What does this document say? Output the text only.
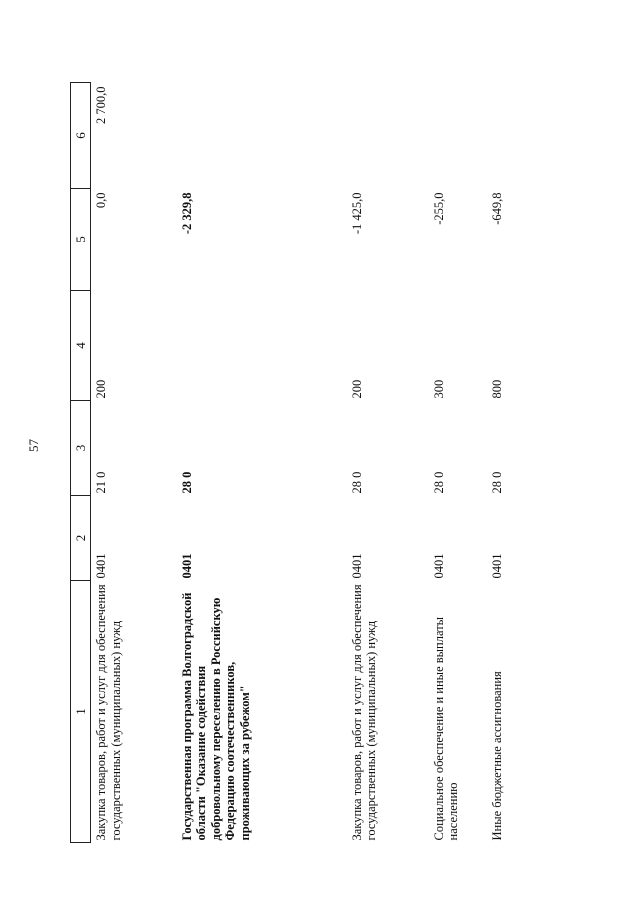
57
1	2	3	4	5	6
Закупка товаров, работ и услуг для обеспечения государственных (муниципальных) нужд	0401	21 0	200	0,0	2 700,0
Государственная программа Волгоградской области "Оказание содействия добровольному переселению в Российскую Федерацию соотечественников, проживающих за рубежом"	0401	28 0		-2 329,8	
Закупка товаров, работ и услуг для обеспечения государственных (муниципальных) нужд	0401	28 0	200	-1 425,0	
Социальное обеспечение и иные выплаты населению	0401	28 0	300	-255,0	
Иные бюджетные ассигнования	0401	28 0	800	-649,8	
